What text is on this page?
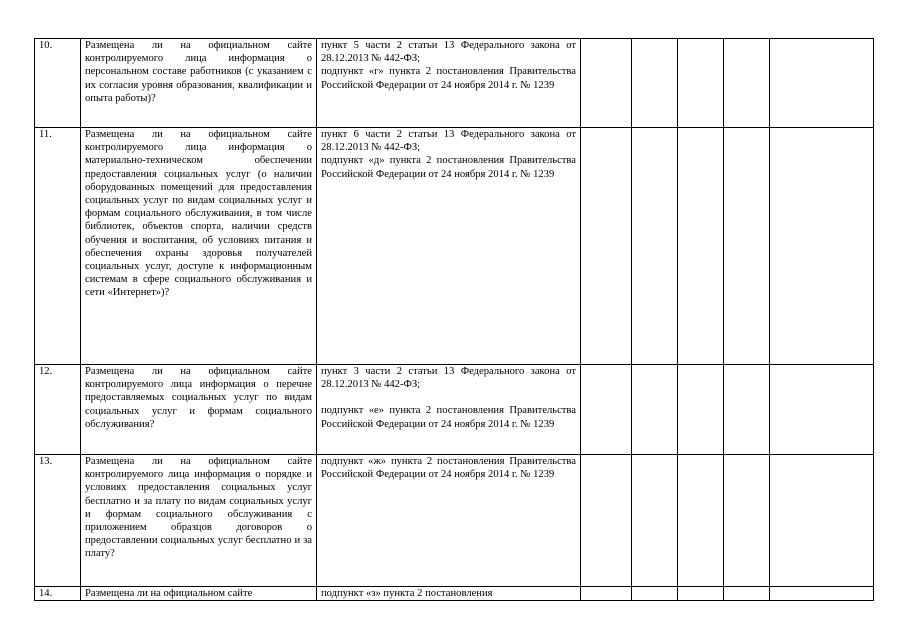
10.	Размещена ли на официальном сайте контролируемого лица информация о персональном составе работников (с указанием с их согласия уровня образования, квалификации и опыта работы)?	пункт 5 части 2 статьи 13 Федерального закона от 28.12.2013 № 442-ФЗ;
подпункт «г» пункта 2 постановления Правительства Российской Федерации от 24 ноября 2014 г. № 1239					

11.	Размещена ли на официальном сайте контролируемого лица информация о материально-техническом обеспечении предоставления социальных услуг (о наличии оборудованных помещений для предоставления социальных услуг по видам социальных услуг и формам социального обслуживания, в том числе библиотек, объектов спорта, наличии средств обучения и воспитания, об условиях питания и обеспечения охраны здоровья получателей социальных услуг, доступе к информационным системам в сфере социального обслуживания и сети «Интернет»)?	пункт 6 части 2 статьи 13 Федерального закона от 28.12.2013 № 442-ФЗ;
подпункт «д» пункта 2 постановления Правительства Российской Федерации от 24 ноября 2014 г. № 1239					

12.	Размещена ли на официальном сайте контролируемого лица информация о перечне предоставляемых социальных услуг по видам социальных услуг и формам социального обслуживания?	пункт 3 части 2 статьи 13 Федерального закона от 28.12.2013 № 442-ФЗ;
подпункт «е» пункта 2 постановления Правительства Российской Федерации от 24 ноября 2014 г. № 1239					

13.	Размещена ли на официальном сайте контролируемого лица информация о порядке и условиях предоставления социальных услуг бесплатно и за плату по видам социальных услуг и формам социального обслуживания с приложением образцов договоров о предоставлении социальных услуг бесплатно и за плату?	подпункт «ж» пункта 2 постановления Правительства Российской Федерации от 24 ноября 2014 г. № 1239					

14.	Размещена ли на официальном сайте	подпункт «з» пункта 2 постановления					
